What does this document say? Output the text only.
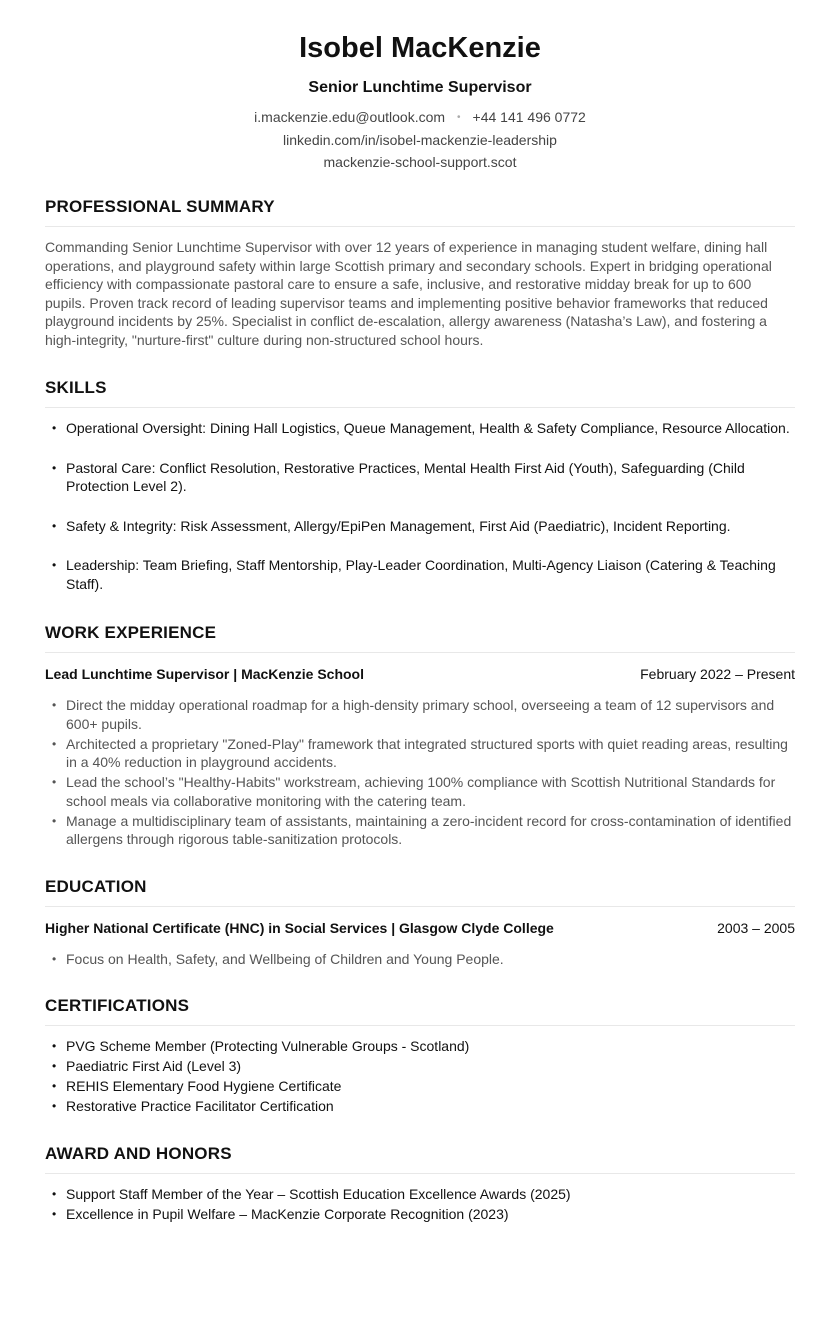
Isobel MacKenzie
Senior Lunchtime Supervisor
i.mackenzie.edu@outlook.com • +44 141 496 0772
linkedin.com/in/isobel-mackenzie-leadership
mackenzie-school-support.scot
PROFESSIONAL SUMMARY

Commanding Senior Lunchtime Supervisor with over 12 years of experience in managing student welfare, dining hall operations, and playground safety within large Scottish primary and secondary schools. Expert in bridging operational efficiency with compassionate pastoral care to ensure a safe, inclusive, and restorative midday break for up to 600 pupils. Proven track record of leading supervisor teams and implementing positive behavior frameworks that reduced playground incidents by 25%. Specialist in conflict de-escalation, allergy awareness (Natasha’s Law), and fostering a high-integrity, "nurture-first" culture during non-structured school hours.

SKILLS
• Operational Oversight: Dining Hall Logistics, Queue Management, Health & Safety Compliance, Resource Allocation.
• Pastoral Care: Conflict Resolution, Restorative Practices, Mental Health First Aid (Youth), Safeguarding (Child Protection Level 2).
• Safety & Integrity: Risk Assessment, Allergy/EpiPen Management, First Aid (Paediatric), Incident Reporting.
• Leadership: Team Briefing, Staff Mentorship, Play-Leader Coordination, Multi-Agency Liaison (Catering & Teaching Staff).
WORK EXPERIENCE
Lead Lunchtime Supervisor | MacKenzie School	February 2022 – Present
• Direct the midday operational roadmap for a high-density primary school, overseeing a team of 12 supervisors and 600+ pupils.
• Architected a proprietary "Zoned-Play" framework that integrated structured sports with quiet reading areas, resulting in a 40% reduction in playground accidents.
• Lead the school’s "Healthy-Habits" workstream, achieving 100% compliance with Scottish Nutritional Standards for school meals via collaborative monitoring with the catering team.
• Manage a multidisciplinary team of assistants, maintaining a zero-incident record for cross-contamination of identified allergens through rigorous table-sanitization protocols.
EDUCATION
Higher National Certificate (HNC) in Social Services | Glasgow Clyde College	2003 – 2005
• Focus on Health, Safety, and Wellbeing of Children and Young People.
CERTIFICATIONS
• PVG Scheme Member (Protecting Vulnerable Groups - Scotland)
• Paediatric First Aid (Level 3)
• REHIS Elementary Food Hygiene Certificate
• Restorative Practice Facilitator Certification
AWARD AND HONORS
• Support Staff Member of the Year – Scottish Education Excellence Awards (2025)
• Excellence in Pupil Welfare – MacKenzie Corporate Recognition (2023)
